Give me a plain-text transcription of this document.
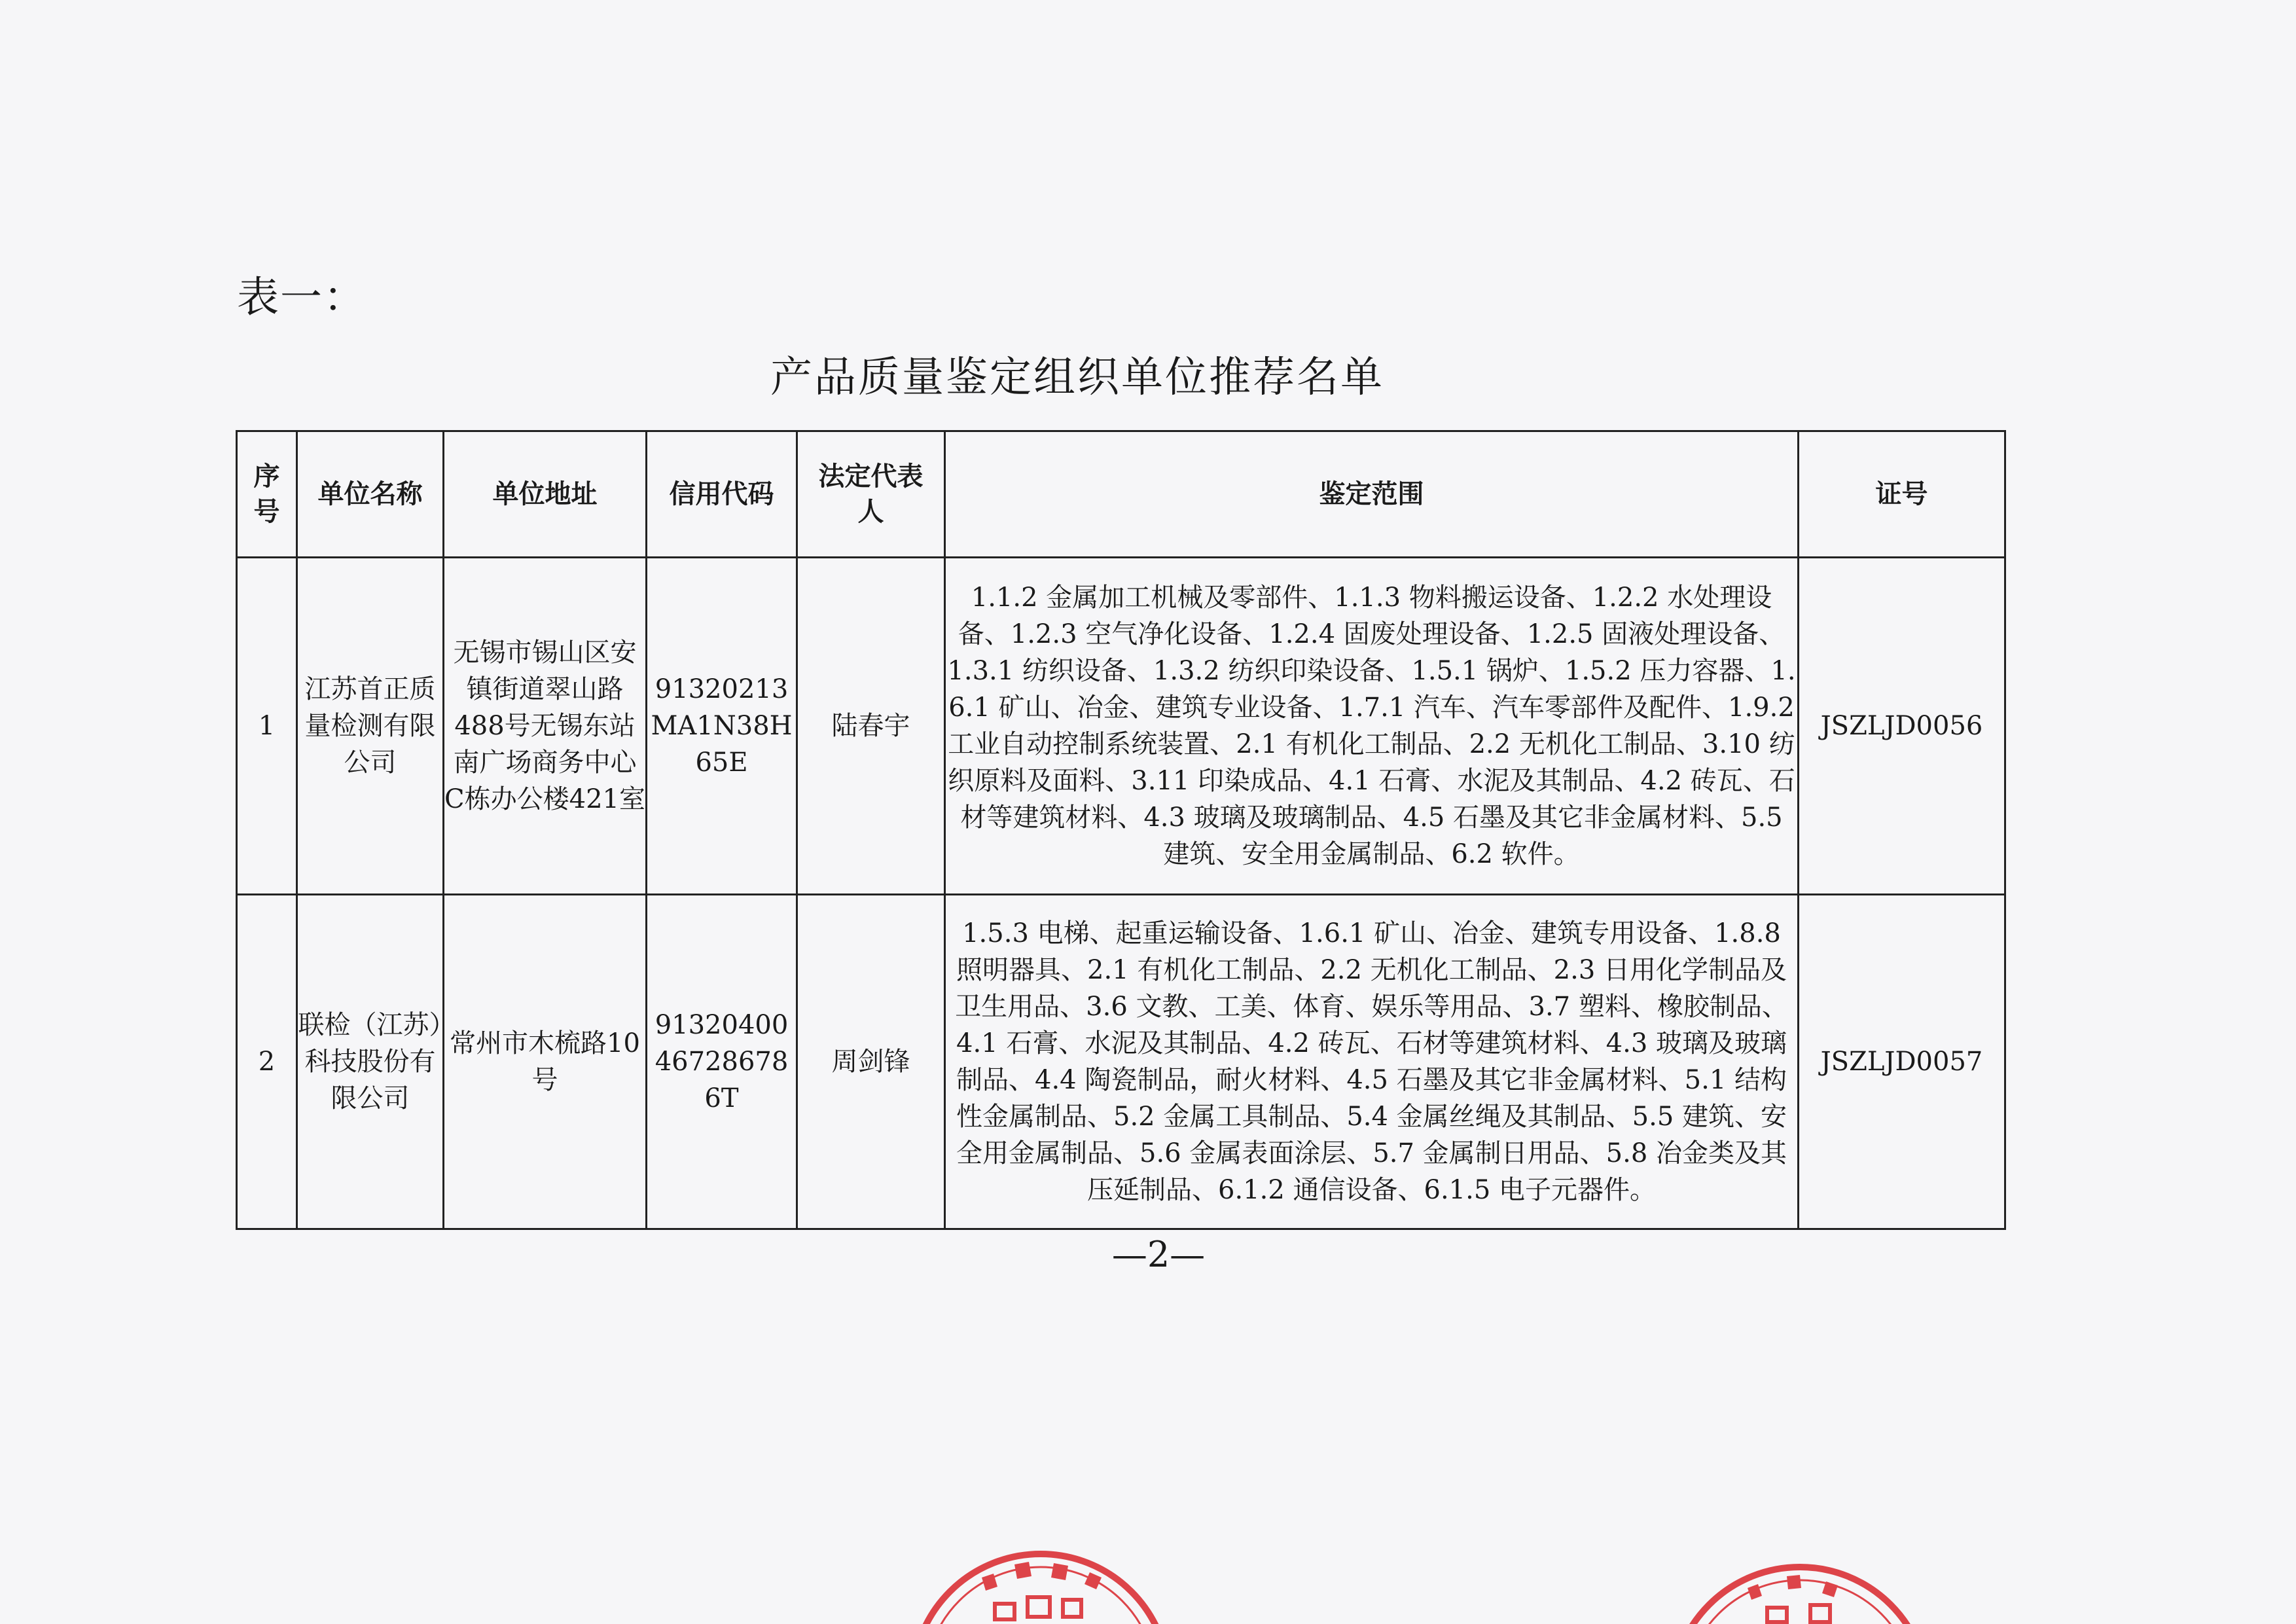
表一：
产品质量鉴定组织单位推荐名单
序号	单位名称	单位地址	信用代码	法定代表人	鉴定范围	证号
1	江苏首正质量检测有限公司	无锡市锡山区安镇街道翠山路488号无锡东站南广场商务中心C栋办公楼421室	91320213MA1N38H65E	陆春宇	1.1.2 金属加工机械及零部件、1.1.3 物料搬运设备、1.2.2 水处理设备、1.2.3 空气净化设备、1.2.4 固废处理设备、1.2.5 固液处理设备、1.3.1 纺织设备、1.3.2 纺织印染设备、1.5.1 锅炉、1.5.2 压力容器、1.6.1 矿山、冶金、建筑专业设备、1.7.1 汽车、汽车零部件及配件、1.9.2 工业自动控制系统装置、2.1 有机化工制品、2.2 无机化工制品、3.10 纺织原料及面料、3.11 印染成品、4.1 石膏、水泥及其制品、4.2 砖瓦、石材等建筑材料、4.3 玻璃及玻璃制品、4.5 石墨及其它非金属材料、5.5 建筑、安全用金属制品、6.2 软件。	JSZLJD0056
2	联检（江苏）科技股份有限公司	常州市木梳路10号	913204004672867​86T	周剑锋	1.5.3 电梯、起重运输设备、1.6.1 矿山、冶金、建筑专用设备、1.8.8 照明器具、2.1 有机化工制品、2.2 无机化工制品、2.3 日用化学制品及卫生用品、3.6 文教、工美、体育、娱乐等用品、3.7 塑料、橡胶制品、4.1 石膏、水泥及其制品、4.2 砖瓦、石材等建筑材料、4.3 玻璃及玻璃制品、4.4 陶瓷制品，耐火材料、4.5 石墨及其它非金属材料、5.1 结构性金属制品、5.2 金属工具制品、5.4 金属丝绳及其制品、5.5 建筑、安全用金属制品、5.6 金属表面涂层、5.7 金属制日用品、5.8 冶金类及其压延制品、6.1.2 通信设备、6.1.5 电子元器件。	JSZLJD0057
—2—
